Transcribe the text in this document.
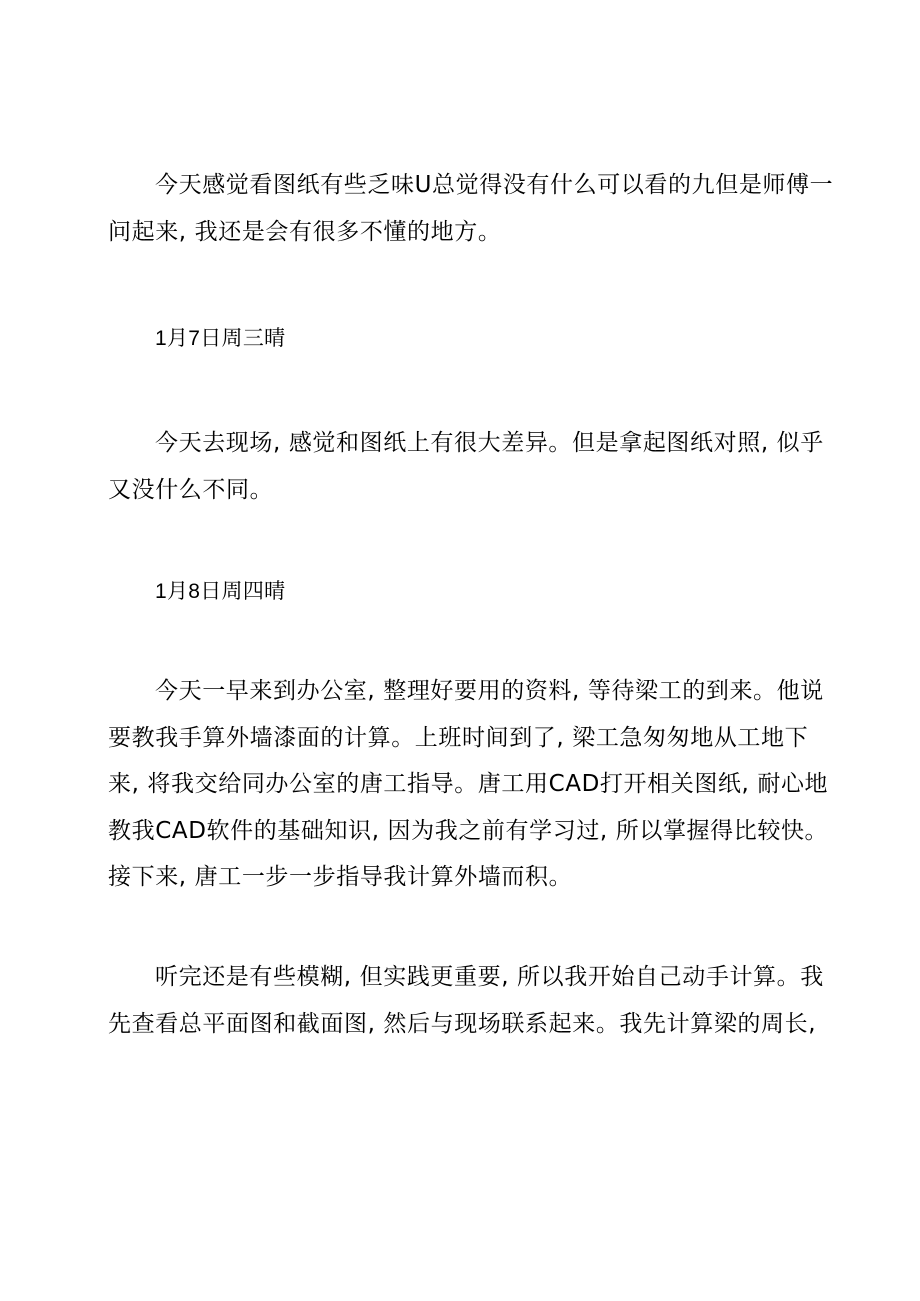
今天感觉看图纸有些乏味U总觉得没有什么可以看的九但是师傅一
问起来, 我还是会有很多不懂的地方。

1月7日周三晴

今天去现场, 感觉和图纸上有很大差异。但是拿起图纸对照, 似乎
又没什么不同。

1月8日周四晴

今天一早来到办公室, 整理好要用的资料, 等待梁工的到来。他说
要教我手算外墙漆面的计算。上班时间到了, 梁工急匆匆地从工地下
来, 将我交给同办公室的唐工指导。唐工用CAD打开相关图纸, 耐心地
教我CAD软件的基础知识, 因为我之前有学习过, 所以掌握得比较快。
接下来, 唐工一步一步指导我计算外墙而积。

听完还是有些模糊, 但实践更重要, 所以我开始自己动手计算。我
先查看总平面图和截面图, 然后与现场联系起来。我先计算梁的周长,
